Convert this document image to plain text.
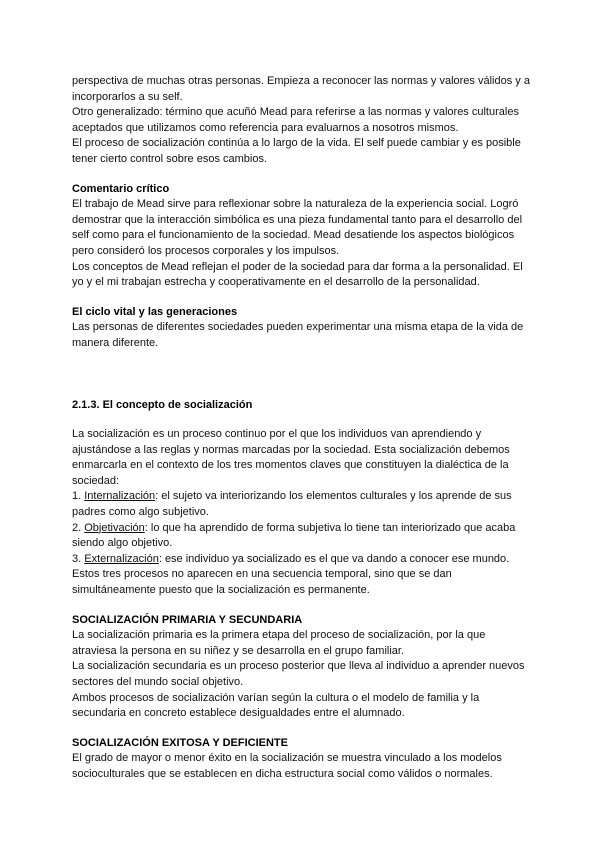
perspectiva de muchas otras personas. Empieza a reconocer las normas y valores válidos y a incorporarlos a su self.

Otro generalizado: término que acuñó Mead para referirse a las normas y valores culturales aceptados que utilizamos como referencia para evaluarnos a nosotros mismos.

El proceso de socialización continúa a lo largo de la vida. El self puede cambiar y es posible tener cierto control sobre esos cambios.

Comentario crítico

El trabajo de Mead sirve para reflexionar sobre la naturaleza de la experiencia social. Logró demostrar que la interacción simbólica es una pieza fundamental tanto para el desarrollo del self como para el funcionamiento de la sociedad. Mead desatiende los aspectos biológicos pero consideró los procesos corporales y los impulsos.

Los conceptos de Mead reflejan el poder de la sociedad para dar forma a la personalidad. El yo y el mi trabajan estrecha y cooperativamente en el desarrollo de la personalidad.

El ciclo vital y las generaciones

Las personas de diferentes sociedades pueden experimentar una misma etapa de la vida de manera diferente.

2.1.3. El concepto de socialización

La socialización es un proceso continuo por el que los individuos van aprendiendo y ajustándose a las reglas y normas marcadas por la sociedad. Esta socialización debemos enmarcarla en el contexto de los tres momentos claves que constituyen la dialéctica de la sociedad:

1. Internalización: el sujeto va interiorizando los elementos culturales y los aprende de sus padres como algo subjetivo.

2. Objetivación: lo que ha aprendido de forma subjetiva lo tiene tan interiorizado que acaba siendo algo objetivo.

3. Externalización: ese individuo ya socializado es el que va dando a conocer ese mundo.

Estos tres procesos no aparecen en una secuencia temporal, sino que se dan simultáneamente puesto que la socialización es permanente.

SOCIALIZACIÓN PRIMARIA Y SECUNDARIA

La socialización primaria es la primera etapa del proceso de socialización, por la que atraviesa la persona en su niñez y se desarrolla en el grupo familiar.

La socialización secundaria es un proceso posterior que lleva al individuo a aprender nuevos sectores del mundo social objetivo.

Ambos procesos de socialización varían según la cultura o el modelo de familia y la secundaria en concreto establece desigualdades entre el alumnado.

SOCIALIZACIÓN EXITOSA Y DEFICIENTE

El grado de mayor o menor éxito en la socialización se muestra vinculado a los modelos socioculturales que se establecen en dicha estructura social como válidos o normales.
